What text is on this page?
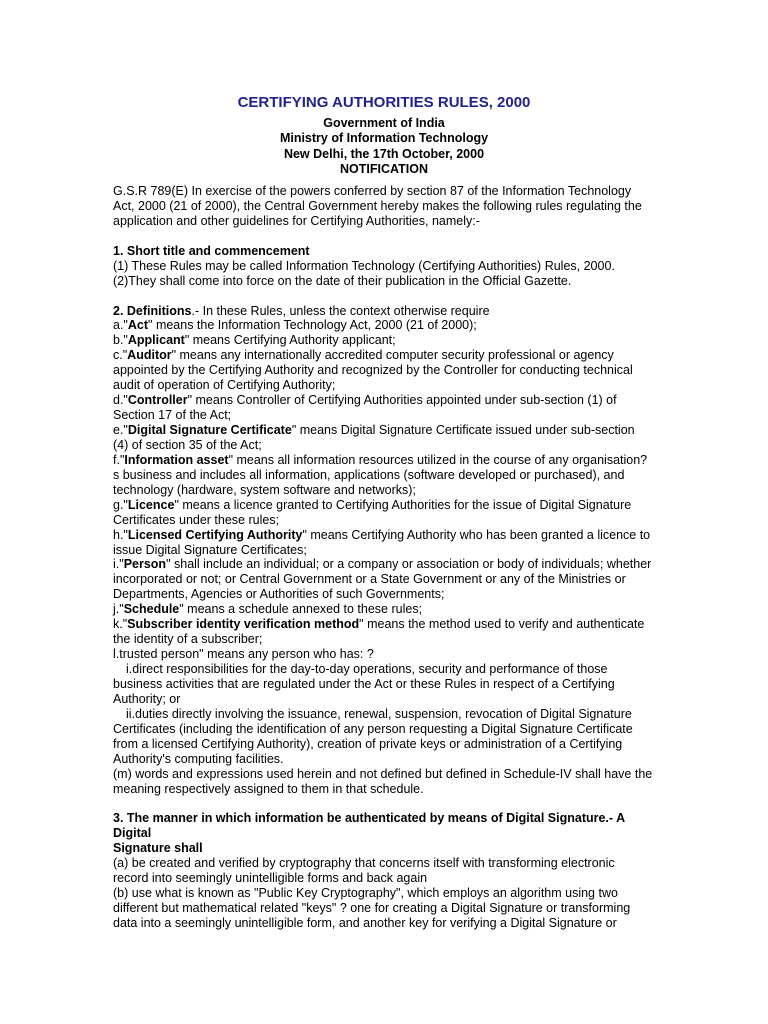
CERTIFYING AUTHORITIES RULES, 2000
Government of India
Ministry of Information Technology
New Delhi, the 17th October, 2000
NOTIFICATION
G.S.R 789(E) In exercise of the powers conferred by section 87 of the Information Technology
Act, 2000 (21 of 2000), the Central Government hereby makes the following rules regulating the
application and other guidelines for Certifying Authorities, namely:-
1. Short title and commencement
(1) These Rules may be called Information Technology (Certifying Authorities) Rules, 2000.
(2)They shall come into force on the date of their publication in the Official Gazette.
2. Definitions.- In these Rules, unless the context otherwise require
a."Act" means the Information Technology Act, 2000 (21 of 2000);
b."Applicant" means Certifying Authority applicant;
c."Auditor" means any internationally accredited computer security professional or agency
appointed by the Certifying Authority and recognized by the Controller for conducting technical
audit of operation of Certifying Authority;
d."Controller" means Controller of Certifying Authorities appointed under sub-section (1) of
Section 17 of the Act;
e."Digital Signature Certificate" means Digital Signature Certificate issued under sub-section
(4) of section 35 of the Act;
f."Information asset" means all information resources utilized in the course of any organisation?
s business and includes all information, applications (software developed or purchased), and
technology (hardware, system software and networks);
g."Licence" means a licence granted to Certifying Authorities for the issue of Digital Signature
Certificates under these rules;
h."Licensed Certifying Authority" means Certifying Authority who has been granted a licence to
issue Digital Signature Certificates;
i."Person" shall include an individual; or a company or association or body of individuals; whether
incorporated or not; or Central Government or a State Government or any of the Ministries or
Departments, Agencies or Authorities of such Governments;
j."Schedule" means a schedule annexed to these rules;
k."Subscriber identity verification method" means the method used to verify and authenticate
the identity of a subscriber;
l.trusted person" means any person who has: ?
i.direct responsibilities for the day-to-day operations, security and performance of those
business activities that are regulated under the Act or these Rules in respect of a Certifying
Authority; or
ii.duties directly involving the issuance, renewal, suspension, revocation of Digital Signature
Certificates (including the identification of any person requesting a Digital Signature Certificate
from a licensed Certifying Authority), creation of private keys or administration of a Certifying
Authority's computing facilities.
(m) words and expressions used herein and not defined but defined in Schedule-IV shall have the
meaning respectively assigned to them in that schedule.
3. The manner in which information be authenticated by means of Digital Signature.- A
Digital
Signature shall
(a) be created and verified by cryptography that concerns itself with transforming electronic
record into seemingly unintelligible forms and back again
(b) use what is known as "Public Key Cryptography", which employs an algorithm using two
different but mathematical related "keys" ? one for creating a Digital Signature or transforming
data into a seemingly unintelligible form, and another key for verifying a Digital Signature or
